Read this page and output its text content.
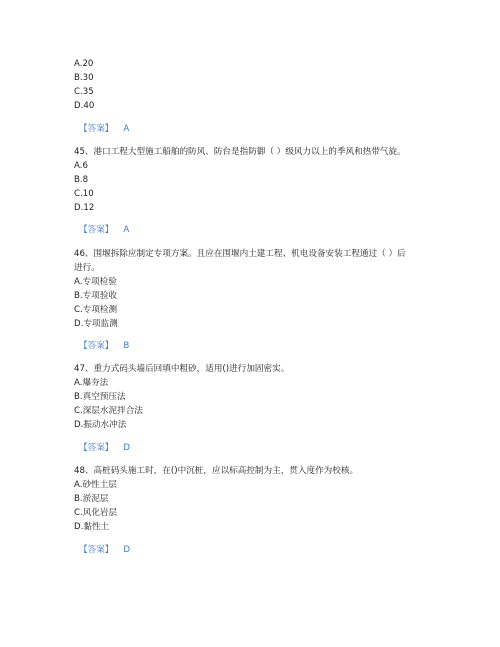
A.20
B.30
C.35
D.40
【答案】 A
45、港口工程大型施工船舶的防风、防台是指防御（ ）级风力以上的季风和热带气旋。
A.6
B.8
C.10
D.12
【答案】 A
46、围堰拆除应制定专项方案。且应在围堰内土建工程、机电设备安装工程通过（ ）后
进行。
A.专项检验
B.专项验收
C.专项检测
D.专项监测
【答案】 B
47、重力式码头墙后回填中粗砂，适用()进行加固密实。
A.爆夯法
B.真空预压法
C.深层水泥拌合法
D.振动水冲法
【答案】 D
48、高桩码头施工时，在()中沉桩，应以标高控制为主，贯入度作为校核。
A.砂性土层
B.淤泥层
C.风化岩层
D.黏性土
【答案】 D
